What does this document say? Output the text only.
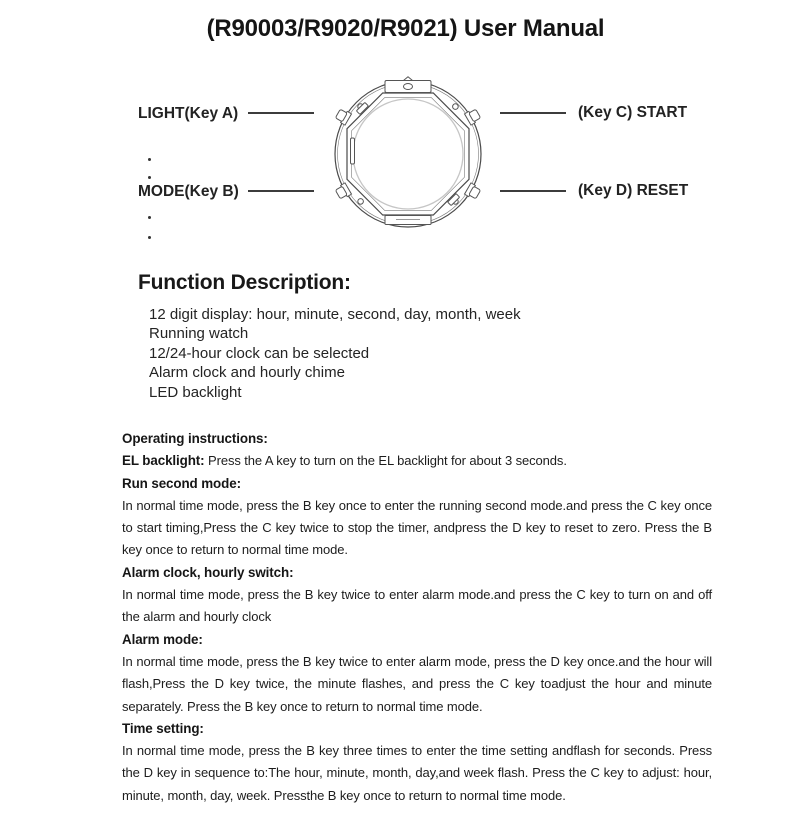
(R90003/R9020/R9021) User Manual
LIGHT(Key A)
MODE(Key B)
(Key C) START
(Key D) RESET
Function Description:
12 digit display: hour, minute, second, day, month, week
Running watch
12/24-hour clock can be selected
Alarm clock and hourly chime
LED backlight
Operating instructions:
EL backlight: Press the A key to turn on the EL backlight for about 3 seconds.
Run second mode:

In normal time mode, press the B key once to enter the running second mode.and press the C key once to start timing,Press the C key twice to stop the timer, andpress the D key to reset to zero. Press the B key once to return to normal time mode.

Alarm clock, hourly switch:

In normal time mode, press the B key twice to enter alarm mode.and press the C key to turn on and off the alarm and hourly clock

Alarm mode:

In normal time mode, press the B key twice to enter alarm mode, press the D key once.and the hour will flash,Press the D key twice, the minute flashes, and press the C key toadjust the hour and minute separately. Press the B key once to return to normal time mode.

Time setting:

In normal time mode, press the B key three times to enter the time setting andflash for seconds. Press the D key in sequence to:The hour, minute, month, day,and week flash. Press the C key to adjust: hour, minute, month, day, week. Pressthe B key once to return to normal time mode.
